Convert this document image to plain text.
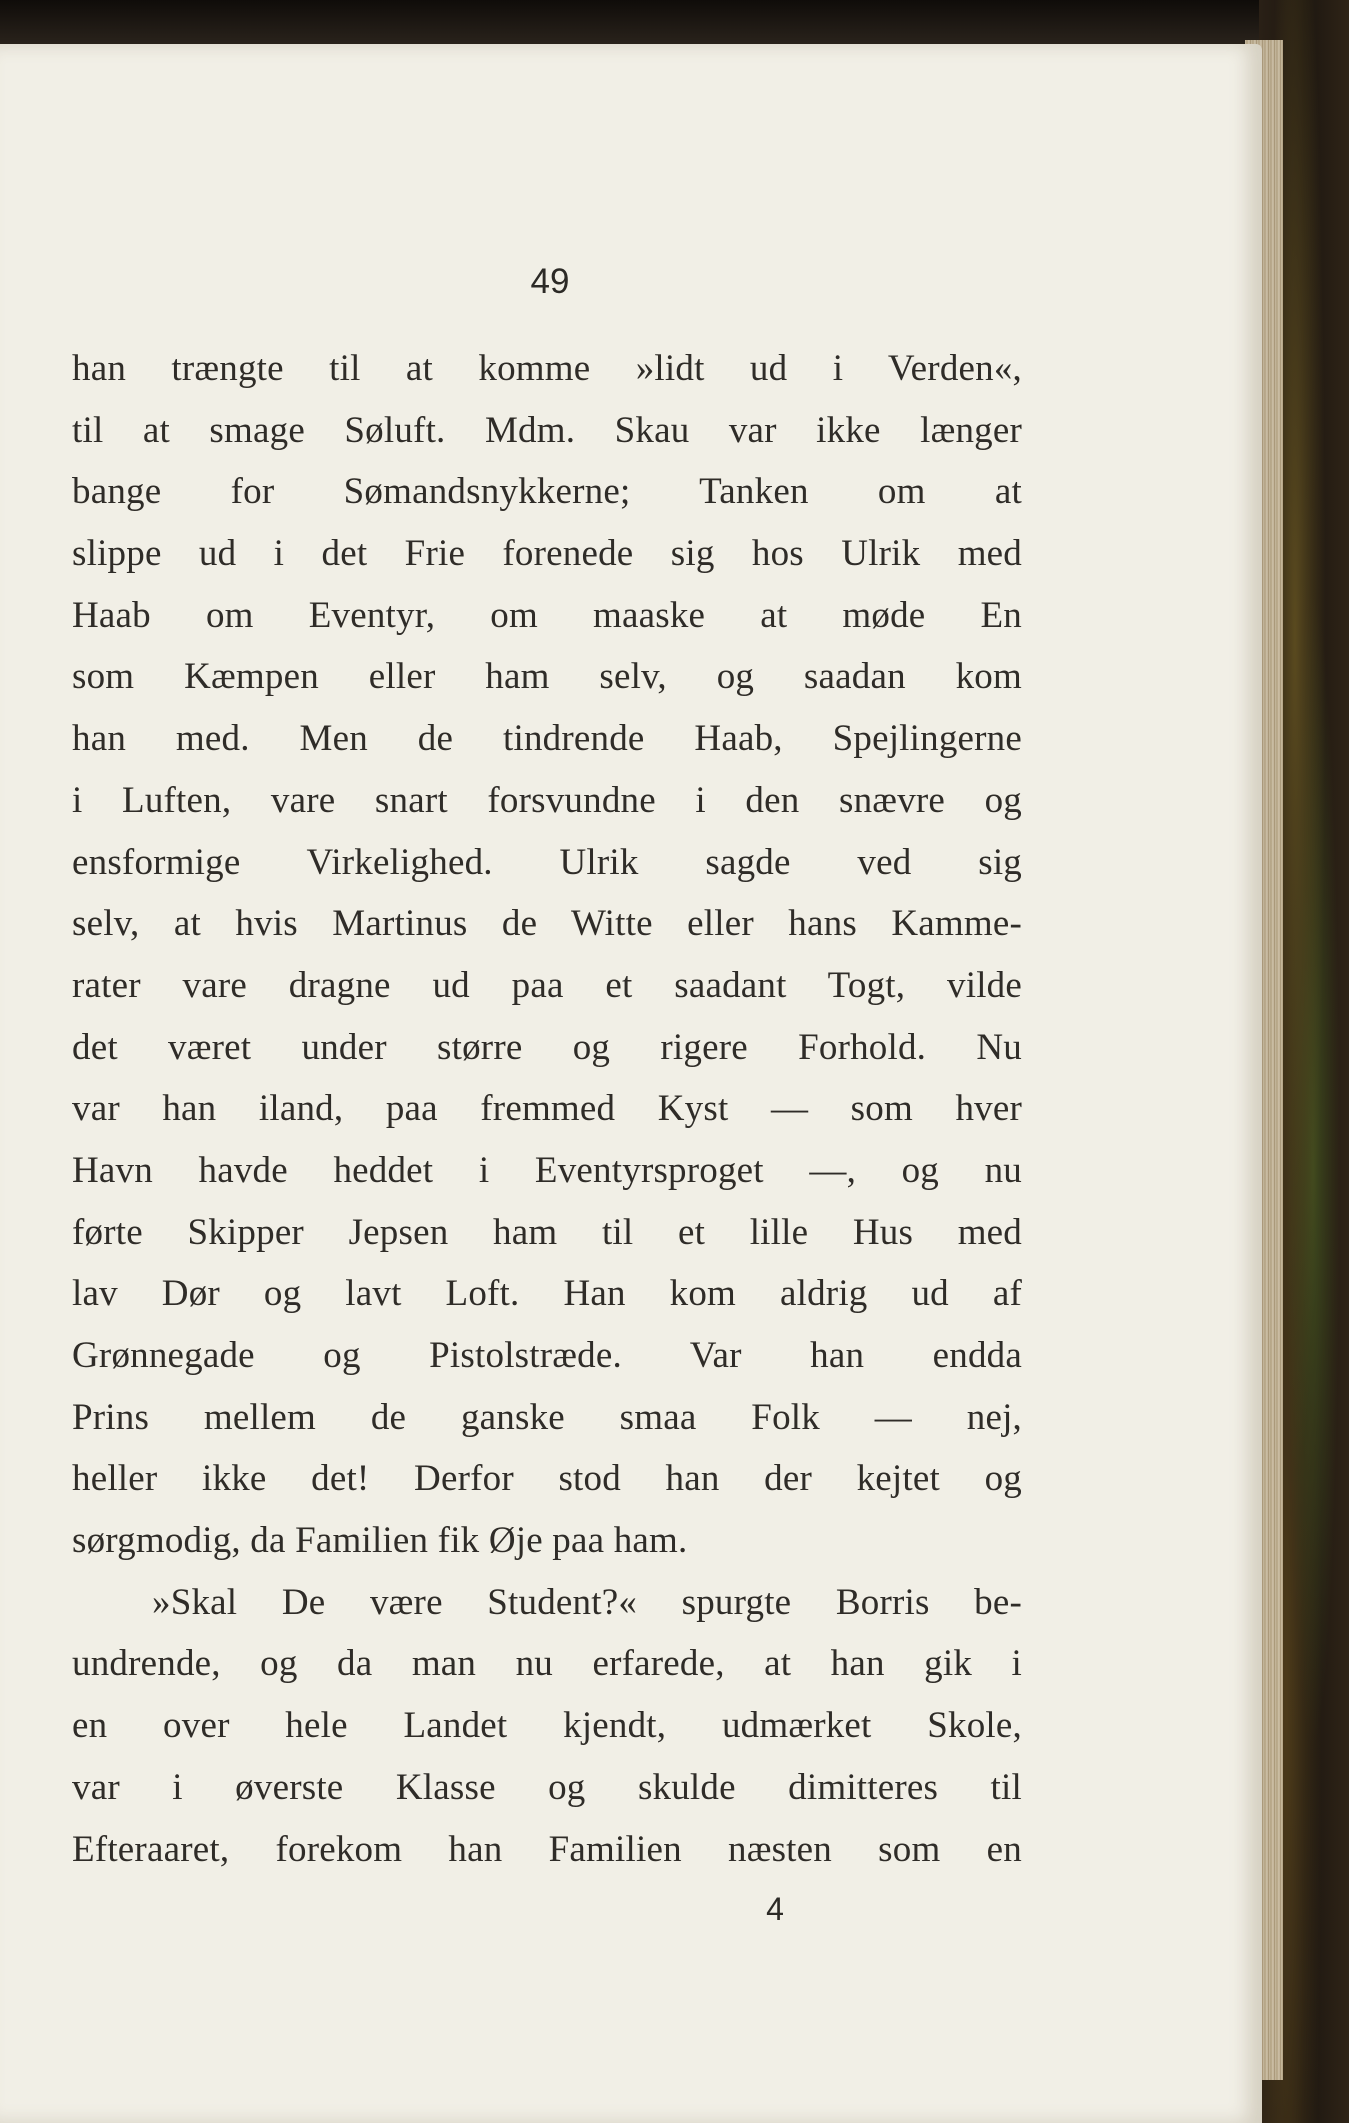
49
han trængte til at komme »lidt ud i Verden«,
til at smage Søluft. Mdm. Skau var ikke længer
bange for Sømandsnykkerne; Tanken om at
slippe ud i det Frie forenede sig hos Ulrik med
Haab om Eventyr, om maaske at møde En
som Kæmpen eller ham selv, og saadan kom
han med. Men de tindrende Haab, Spejlingerne
i Luften, vare snart forsvundne i den snævre og
ensformige Virkelighed. Ulrik sagde ved sig
selv, at hvis Martinus de Witte eller hans Kamme-
rater vare dragne ud paa et saadant Togt, vilde
det været under større og rigere Forhold. Nu
var han iland, paa fremmed Kyst — som hver
Havn havde heddet i Eventyrsproget —, og nu
førte Skipper Jepsen ham til et lille Hus med
lav Dør og lavt Loft. Han kom aldrig ud af
Grønnegade og Pistolstræde. Var han endda
Prins mellem de ganske smaa Folk — nej,
heller ikke det! Derfor stod han der kejtet og
sørgmodig, da Familien fik Øje paa ham.
»Skal De være Student?« spurgte Borris be-
undrende, og da man nu erfarede, at han gik i
en over hele Landet kjendt, udmærket Skole,
var i øverste Klasse og skulde dimitteres til
Efteraaret, forekom han Familien næsten som en
4
